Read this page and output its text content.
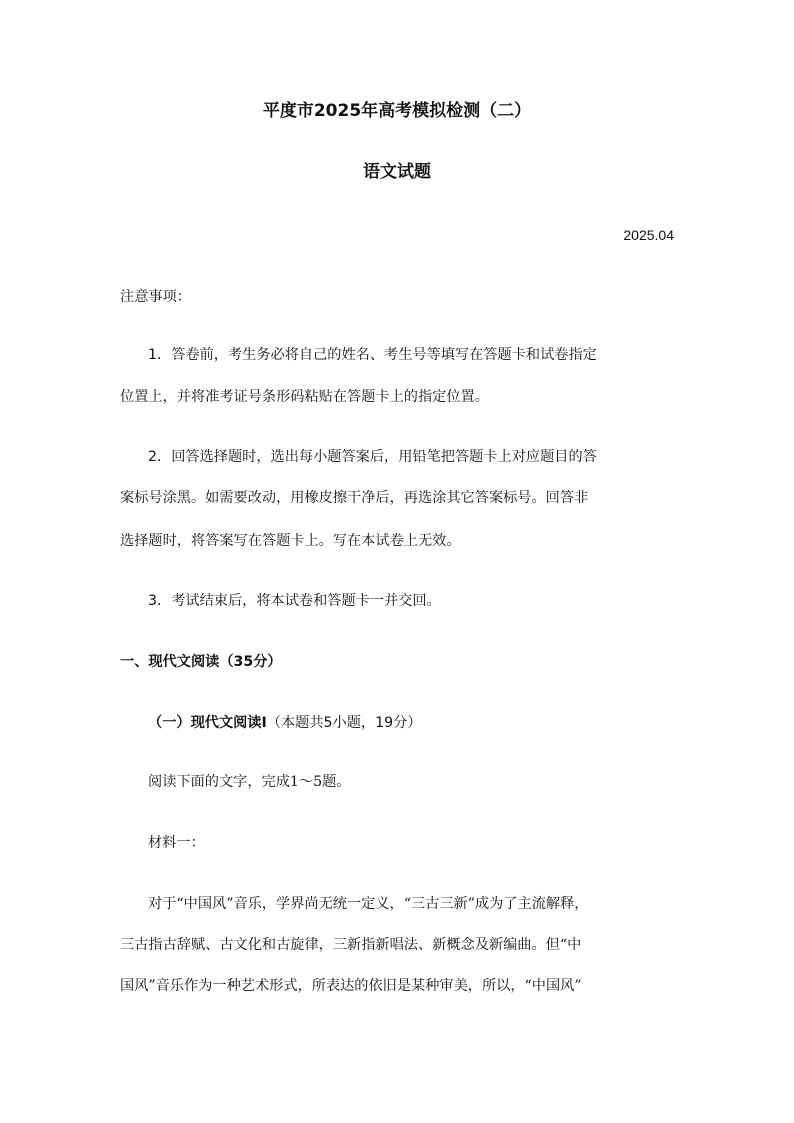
平度市2025年高考模拟检测（二）
语文试题
2025.04
注意事项：
1．答卷前，考生务必将自己的姓名、考生号等填写在答题卡和试卷指定
位置上，并将准考证号条形码粘贴在答题卡上的指定位置。
2．回答选择题时，选出每小题答案后，用铅笔把答题卡上对应题目的答
案标号涂黑。如需要改动，用橡皮擦干净后，再选涂其它答案标号。回答非
选择题时，将答案写在答题卡上。写在本试卷上无效。
3．考试结束后，将本试卷和答题卡一并交回。
一、现代文阅读（35分）
（一）现代文阅读Ⅰ（本题共5小题，19分）
阅读下面的文字，完成1～5题。
材料一：
对于“中国风”音乐，学界尚无统一定义，“三古三新”成为了主流解释，
三古指古辞赋、古文化和古旋律，三新指新唱法、新概念及新编曲。但“中
国风”音乐作为一种艺术形式，所表达的依旧是某种审美，所以，“中国风”
